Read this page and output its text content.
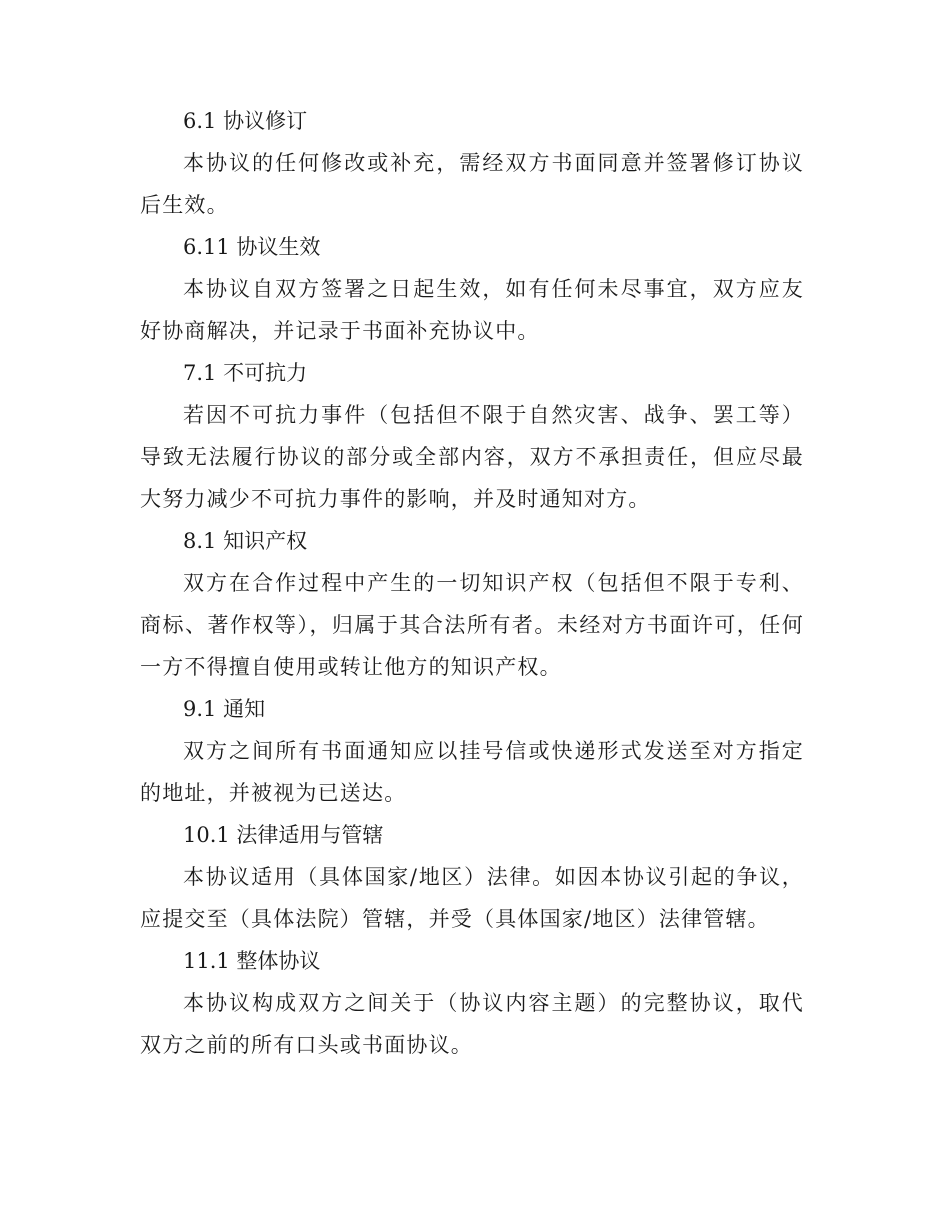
6.1 协议修订

本协议的任何修改或补充，需经双方书面同意并签署修订协议后生效。

6.11 协议生效

本协议自双方签署之日起生效，如有任何未尽事宜，双方应友好协商解决，并记录于书面补充协议中。

7.1 不可抗力

若因不可抗力事件（包括但不限于自然灾害、战争、罢工等）导致无法履行协议的部分或全部内容，双方不承担责任，但应尽最大努力减少不可抗力事件的影响，并及时通知对方。

8.1 知识产权

双方在合作过程中产生的一切知识产权（包括但不限于专利、商标、著作权等），归属于其合法所有者。未经对方书面许可，任何一方不得擅自使用或转让他方的知识产权。

9.1 通知

双方之间所有书面通知应以挂号信或快递形式发送至对方指定的地址，并被视为已送达。

10.1 法律适用与管辖

本协议适用（具体国家/地区）法律。如因本协议引起的争议，应提交至（具体法院）管辖，并受（具体国家/地区）法律管辖。

11.1 整体协议

本协议构成双方之间关于（协议内容主题）的完整协议，取代双方之前的所有口头或书面协议。
